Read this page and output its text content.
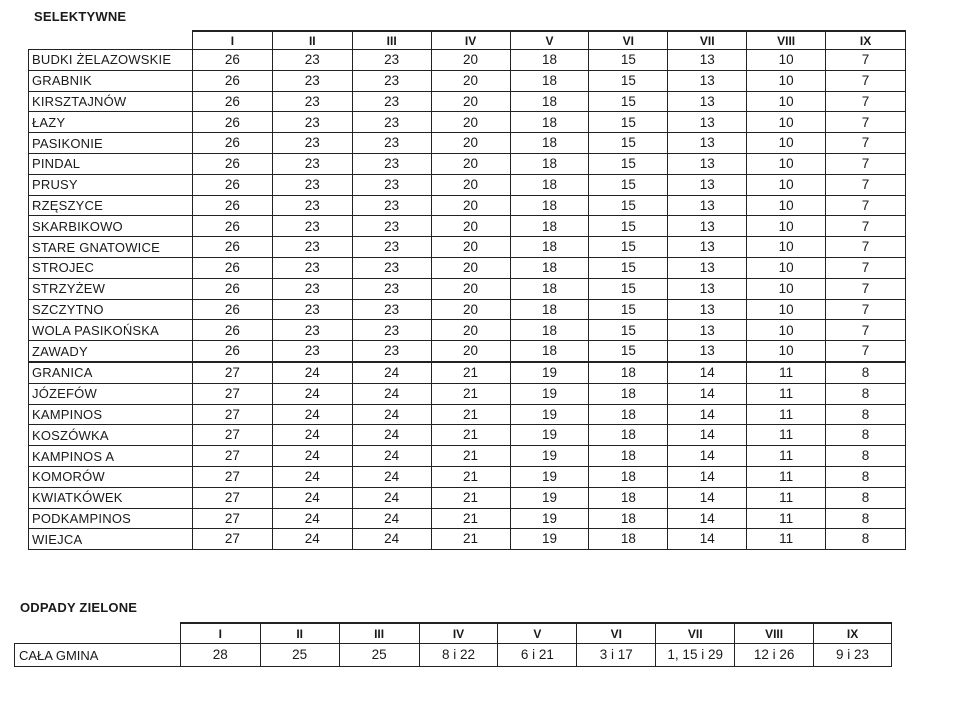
SELEKTYWNE
	I	II	III	IV	V	VI	VII	VIII	IX
BUDKI ŻELAZOWSKIE	26	23	23	20	18	15	13	10	7
GRABNIK	26	23	23	20	18	15	13	10	7
KIRSZTAJNÓW	26	23	23	20	18	15	13	10	7
ŁAZY	26	23	23	20	18	15	13	10	7
PASIKONIE	26	23	23	20	18	15	13	10	7
PINDAL	26	23	23	20	18	15	13	10	7
PRUSY	26	23	23	20	18	15	13	10	7
RZĘSZYCE	26	23	23	20	18	15	13	10	7
SKARBIKOWO	26	23	23	20	18	15	13	10	7
STARE GNATOWICE	26	23	23	20	18	15	13	10	7
STROJEC	26	23	23	20	18	15	13	10	7
STRZYŻEW	26	23	23	20	18	15	13	10	7
SZCZYTNO	26	23	23	20	18	15	13	10	7
WOLA PASIKOŃSKA	26	23	23	20	18	15	13	10	7
ZAWADY	26	23	23	20	18	15	13	10	7
GRANICA	27	24	24	21	19	18	14	11	8
JÓZEFÓW	27	24	24	21	19	18	14	11	8
KAMPINOS	27	24	24	21	19	18	14	11	8
KOSZÓWKA	27	24	24	21	19	18	14	11	8
KAMPINOS A	27	24	24	21	19	18	14	11	8
KOMORÓW	27	24	24	21	19	18	14	11	8
KWIATKÓWEK	27	24	24	21	19	18	14	11	8
PODKAMPINOS	27	24	24	21	19	18	14	11	8
WIEJCA	27	24	24	21	19	18	14	11	8
ODPADY ZIELONE
	I	II	III	IV	V	VI	VII	VIII	IX
CAŁA GMINA	28	25	25	8 i 22	6 i 21	3 i 17	1, 15 i 29	12 i 26	9 i 23
